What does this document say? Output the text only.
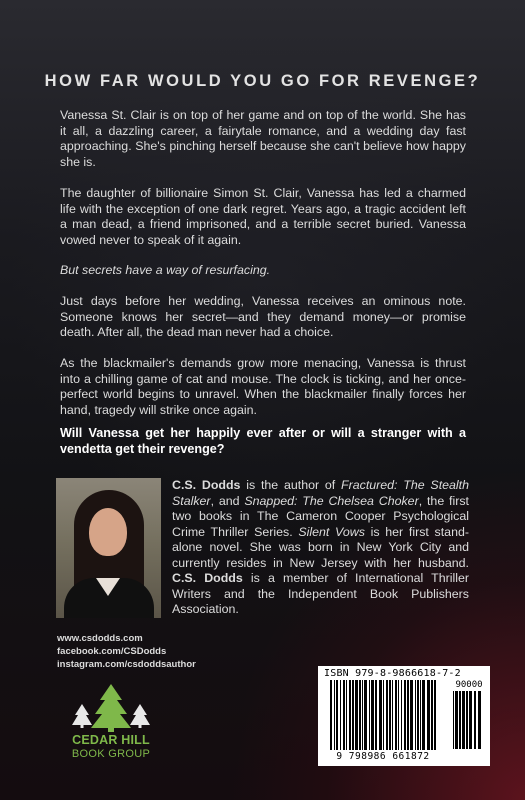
HOW FAR WOULD YOU GO FOR REVENGE?

Vanessa St. Clair is on top of her game and on top of the world. She has it all, a dazzling career, a fairytale romance, and a wedding day fast approaching. She's pinching herself because she can't believe how happy she is.

The daughter of billionaire Simon St. Clair, Vanessa has led a charmed life with the exception of one dark regret. Years ago, a tragic accident left a man dead, a friend imprisoned, and a terrible secret buried. Vanessa vowed never to speak of it again.

But secrets have a way of resurfacing.

Just days before her wedding, Vanessa receives an ominous note. Someone knows her secret—and they demand money—or promise death. After all, the dead man never had a choice.

As the blackmailer's demands grow more menacing, Vanessa is thrust into a chilling game of cat and mouse. The clock is ticking, and her once-perfect world begins to unravel. When the blackmailer finally forces her hand, tragedy will strike once again.

Will Vanessa get her happily ever after or will a stranger with a vendetta get their revenge?

C.S. Dodds is the author of Fractured: The Stealth Stalker, and Snapped: The Chelsea Choker, the first two books in The Cameron Cooper Psychological Crime Thriller Series. Silent Vows is her first stand-alone novel. She was born in New York City and currently resides in New Jersey with her husband. C.S. Dodds is a member of International Thriller Writers and the Independent Book Publishers Association.

www.csdodds.com
facebook.com/CSDodds
instagram.com/csdoddsauthor
CEDAR HILL
BOOK GROUP
ISBN 979-8-9866618-7-2
9 798986 661872
90000
